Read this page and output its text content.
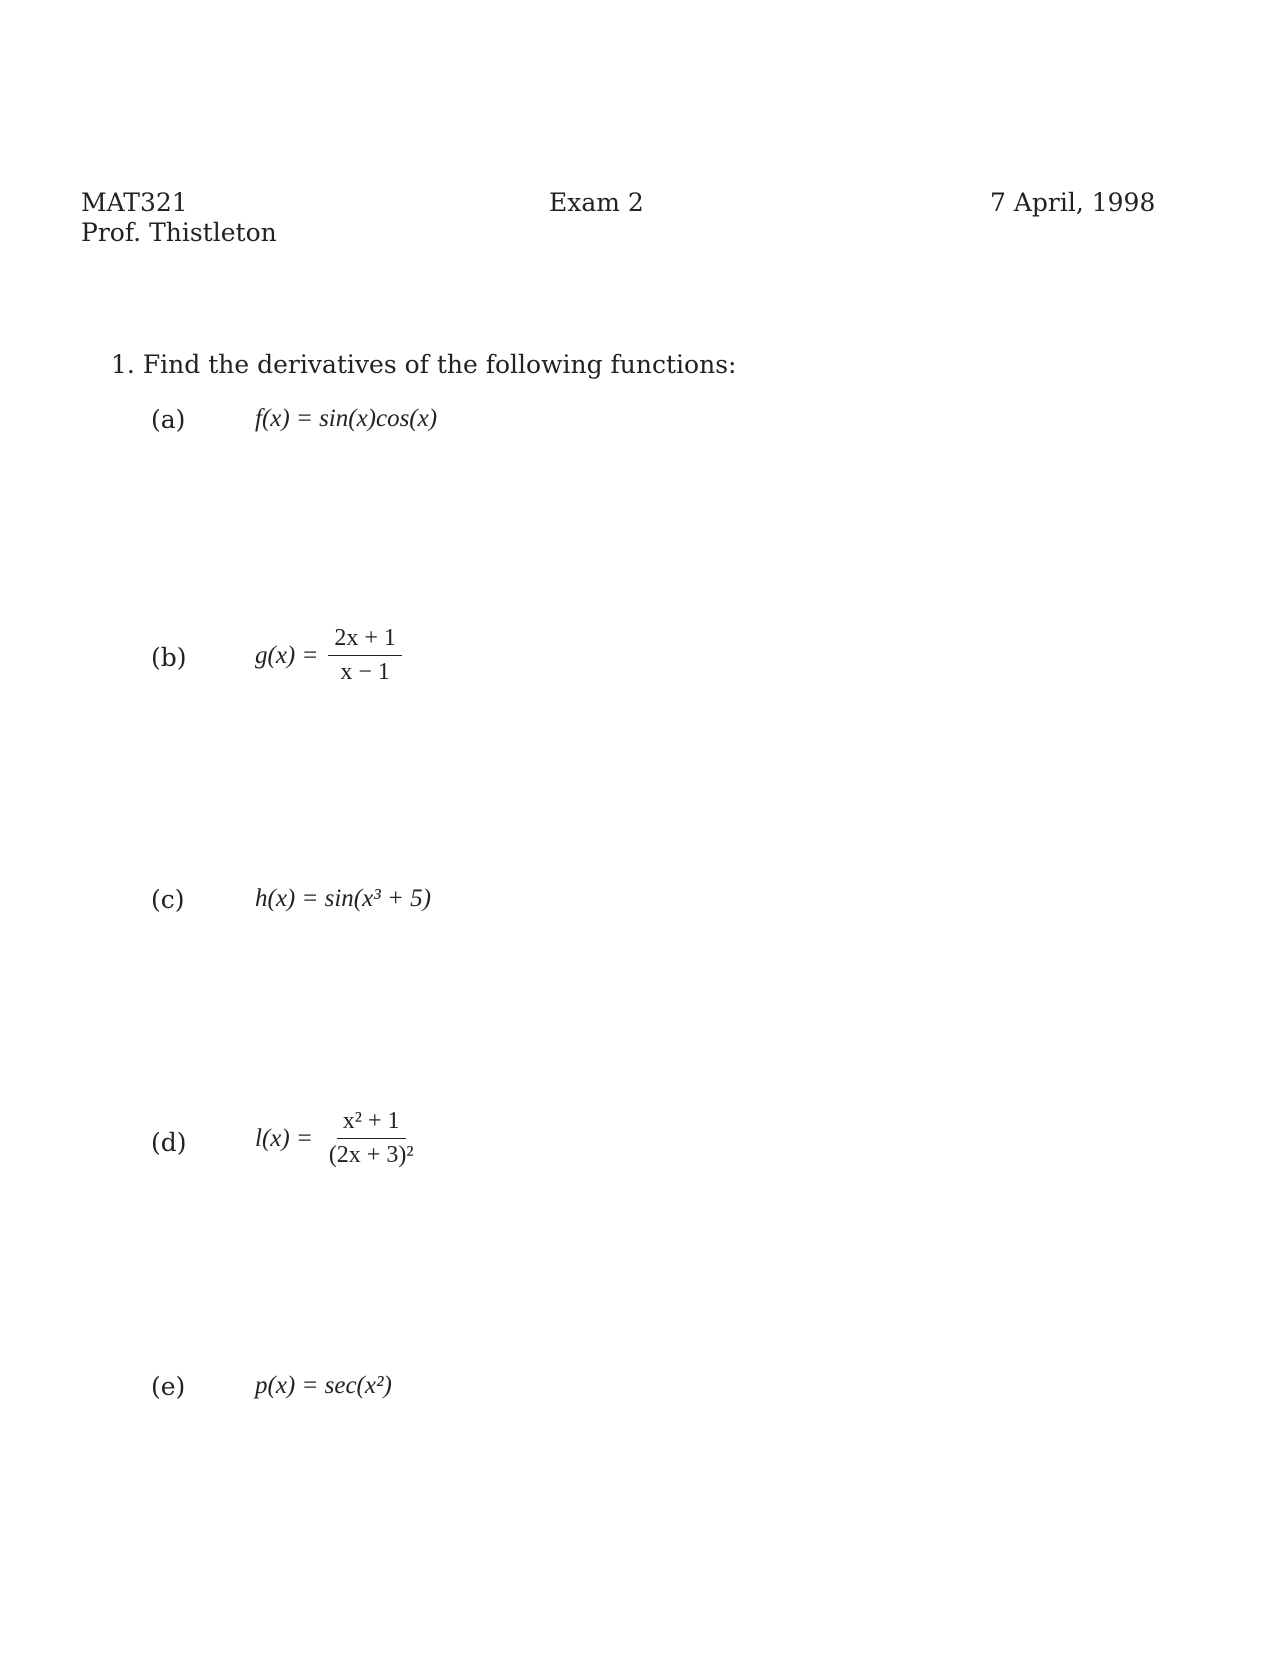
MAT321
Prof. Thistleton
Exam 2	7 April, 1998
1. Find the derivatives of the following functions:
(a)	f(x) = sin(x)cos(x)
(b)	$g(x) = \frac{2x + 1}{x - 1}$
(c)	h(x) = sin(x³ + 5)
(d)	$l(x) = \frac{\text{x² + 1}}{\text{(2x + 3)²}}$
(e)	p(x) = sec(x²)
